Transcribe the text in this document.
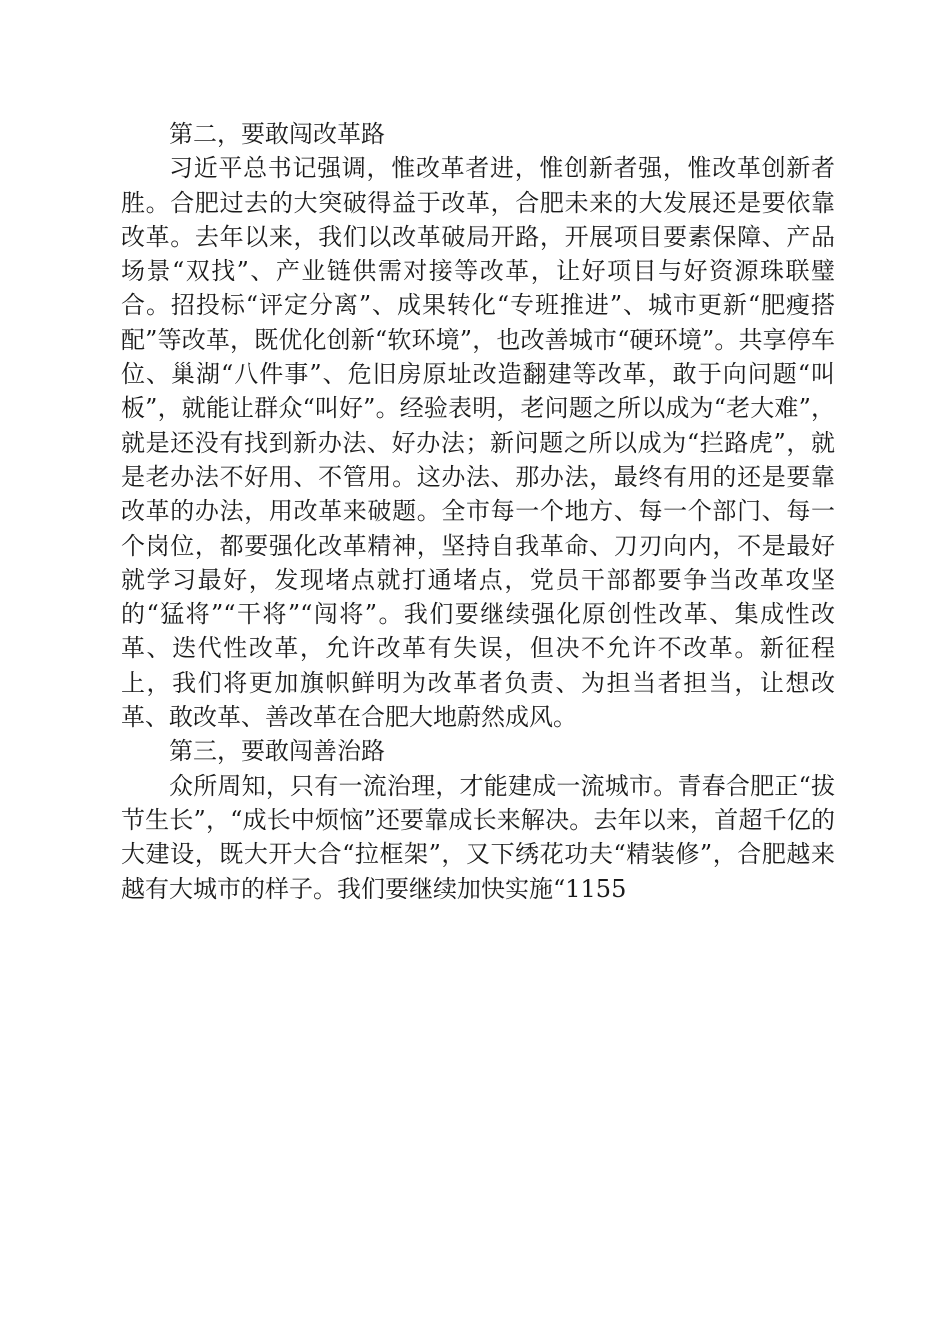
第二，要敢闯改革路

习近平总书记强调，惟改革者进，惟创新者强，惟改革创新者胜。合肥过去的大突破得益于改革，合肥未来的大发展还是要依靠改革。去年以来，我们以改革破局开路，开展项目要素保障、产品场景“双找”、产业链供需对接等改革，让好项目与好资源珠联璧合。招投标“评定分离”、成果转化“专班推进”、城市更新“肥瘦搭配”等改革，既优化创新“软环境”，也改善城市“硬环境”。共享停车位、巢湖“八件事”、危旧房原址改造翻建等改革，敢于向问题“叫板”，就能让群众“叫好”。经验表明，老问题之所以成为“老大难”，就是还没有找到新办法、好办法；新问题之所以成为“拦路虎”，就是老办法不好用、不管用。这办法、那办法，最终有用的还是要靠改革的办法，用改革来破题。全市每一个地方、每一个部门、每一个岗位，都要强化改革精神，坚持自我革命、刀刃向内，不是最好就学习最好，发现堵点就打通堵点，党员干部都要争当改革攻坚的“猛将”“干将”“闯将”。我们要继续强化原创性改革、集成性改革、迭代性改革，允许改革有失误，但决不允许不改革。新征程上，我们将更加旗帜鲜明为改革者负责、为担当者担当，让想改革、敢改革、善改革在合肥大地蔚然成风。

第三，要敢闯善治路

众所周知，只有一流治理，才能建成一流城市。青春合肥正“拔节生长”，“成长中烦恼”还要靠成长来解决。去年以来，首超千亿的大建设，既大开大合“拉框架”，又下绣花功夫“精装修”，合肥越来越有大城市的样子。我们要继续加快实施“1155
